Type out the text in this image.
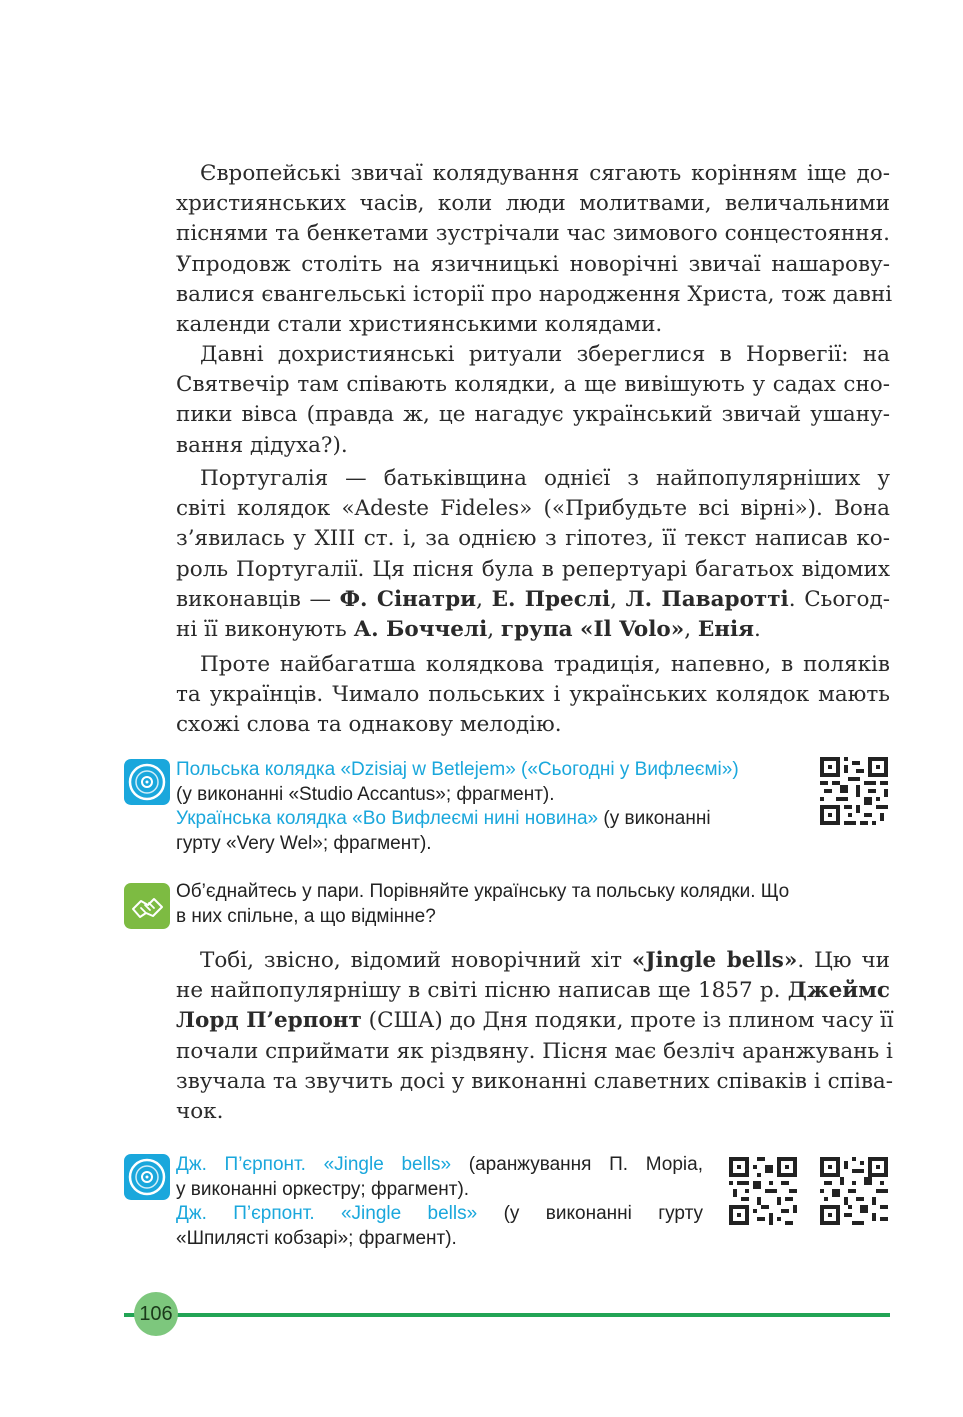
Європейські звичаї колядування сягають корінням іще до-
християнських часів, коли люди молитвами, величальними
піснями та бенкетами зустрічали час зимового сонцестояння.
Упродовж століть на язичницькі новорічні звичаї нашарову-
валися євангельські історії про народження Христа, тож давні
календи стали християнськими колядами.
Давні дохристиянські ритуали збереглися в Норвегії: на
Святвечір там співають колядки, а ще вивішують у садах сно-
пики вівса (правда ж, це нагадує український звичай ушану-
вання дідуха?).
Португалія — батьківщина однієї з найпопулярніших у
світі колядок «Adeste Fideles» («Прибудьте всі вірні»). Вона
з’явилась у XIII ст. і, за однією з гіпотез, її текст написав ко-
роль Португалії. Ця пісня була в репертуарі багатьох відомих
виконавців — Ф. Сінатри, Е. Преслі, Л. Паваротті. Сьогод-
ні її виконують А. Боччелі, група «Il Volo», Енія.
Проте найбагатша колядкова традиція, напевно, в поляків
та українців. Чимало польських і українських колядок мають
схожі слова та однакову мелодію.
Польська колядка «Dzisiaj w Betlejem» («Сьогодні у Вифлеємі»)
(у виконанні «Studio Accantus»; фрагмент).
Українська колядка «Во Вифлеємі нині новина» (у виконанні
гурту «Very Wel»; фрагмент).
Об’єднайтесь у пари. Порівняйте українську та польську колядки. Що
в них спільне, а що відмінне?
Тобі, звісно, відомий новорічний хіт «Jingle bells». Цю чи
не найпопулярнішу в світі пісню написав ще 1857 р. Джеймс
Лорд П’ерпонт (США) до Дня подяки, проте із плином часу її
почали сприймати як різдвяну. Пісня має безліч аранжувань і
звучала та звучить досі у виконанні славетних співаків і співа-
чок.
Дж. П’єрпонт. «Jingle bells» (аранжування П. Моріа,
у виконанні оркестру; фрагмент).
Дж. П’єрпонт. «Jingle bells» (у виконанні гурту
«Шпилясті кобзарі»; фрагмент).
106
